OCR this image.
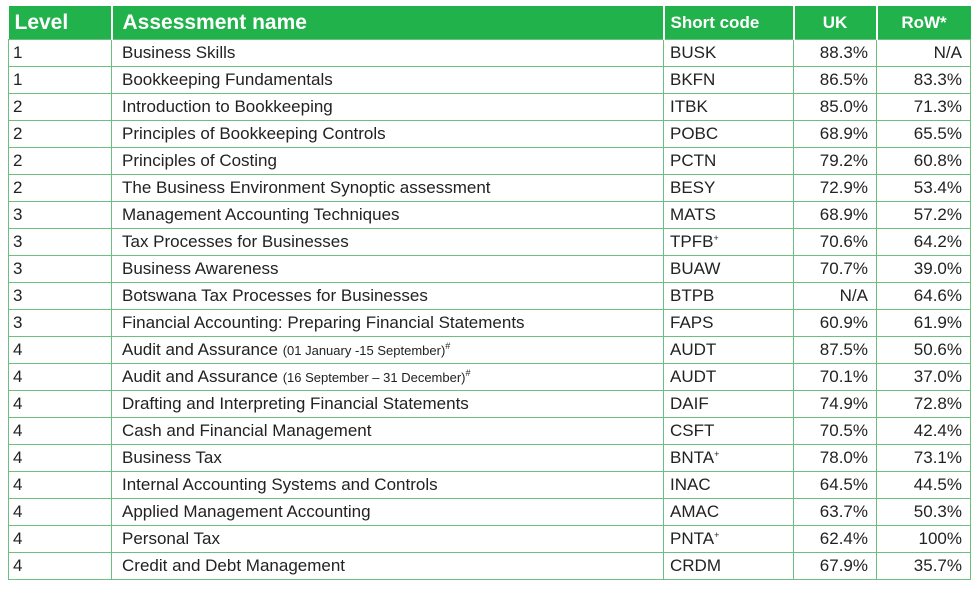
Level	Assessment name	Short code	UK	RoW*
1	Business Skills	BUSK	88.3%	N/A
1	Bookkeeping Fundamentals	BKFN	86.5%	83.3%
2	Introduction to Bookkeeping	ITBK	85.0%	71.3%
2	Principles of Bookkeeping Controls	POBC	68.9%	65.5%
2	Principles of Costing	PCTN	79.2%	60.8%
2	The Business Environment Synoptic assessment	BESY	72.9%	53.4%
3	Management Accounting Techniques	MATS	68.9%	57.2%
3	Tax Processes for Businesses	TPFB+	70.6%	64.2%
3	Business Awareness	BUAW	70.7%	39.0%
3	Botswana Tax Processes for Businesses	BTPB	N/A	64.6%
3	Financial Accounting: Preparing Financial Statements	FAPS	60.9%	61.9%
4	Audit and Assurance (01 January -15 September)#	AUDT	87.5%	50.6%
4	Audit and Assurance (16 September – 31 December)#	AUDT	70.1%	37.0%
4	Drafting and Interpreting Financial Statements	DAIF	74.9%	72.8%
4	Cash and Financial Management	CSFT	70.5%	42.4%
4	Business Tax	BNTA+	78.0%	73.1%
4	Internal Accounting Systems and Controls	INAC	64.5%	44.5%
4	Applied Management Accounting	AMAC	63.7%	50.3%
4	Personal Tax	PNTA+	62.4%	100%
4	Credit and Debt Management	CRDM	67.9%	35.7%
